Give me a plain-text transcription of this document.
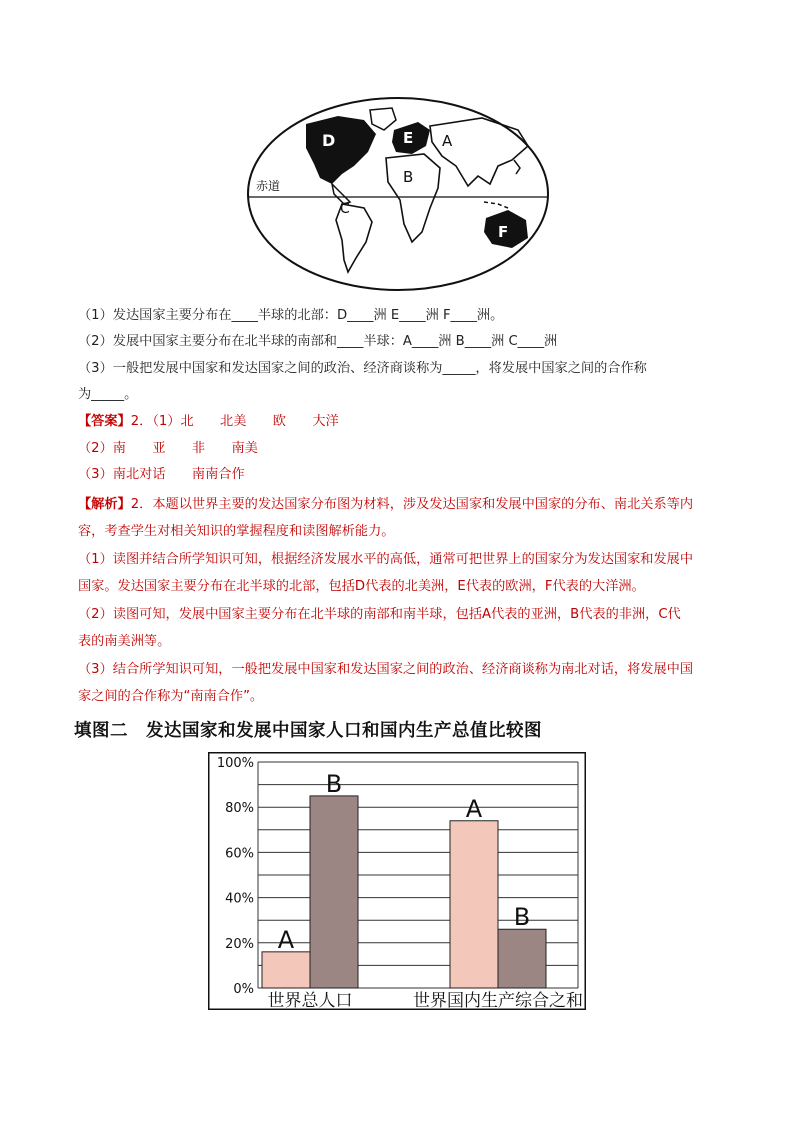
赤道
D	E A
B
C
F
（1）发达国家主要分布在____半球的北部：D____洲 E____洲 F____洲。
（2）发展中国家主要分布在北半球的南部和____半球：A____洲 B____洲 C____洲
（3）一般把发展中国家和发达国家之间的政治、经济商谈称为_____，将发展中国家之间的合作称
为_____。
【答案】2．（1）北　　北美　　欧　　大洋
（2）南　　亚　　非　　南美
（3）南北对话　　南南合作
【解析】2．本题以世界主要的发达国家分布图为材料，涉及发达国家和发展中国家的分布、南北关系等内
容，考查学生对相关知识的掌握程度和读图解析能力。
（1）读图并结合所学知识可知，根据经济发展水平的高低，通常可把世界上的国家分为发达国家和发展中
国家。发达国家主要分布在北半球的北部，包括D代表的北美洲，E代表的欧洲，F代表的大洋洲。
（2）读图可知，发展中国家主要分布在北半球的南部和南半球，包括A代表的亚洲，B代表的非洲，C代
表的南美洲等。
（3）结合所学知识可知，一般把发展中国家和发达国家之间的政治、经济商谈称为南北对话，将发展中国
家之间的合作称为“南南合作”。
填图二　发达国家和发展中国家人口和国内生产总值比较图
0%
20%
40%
60%
80%
100%
A
B
A
B
世界总人口	世界国内生产综合之和
